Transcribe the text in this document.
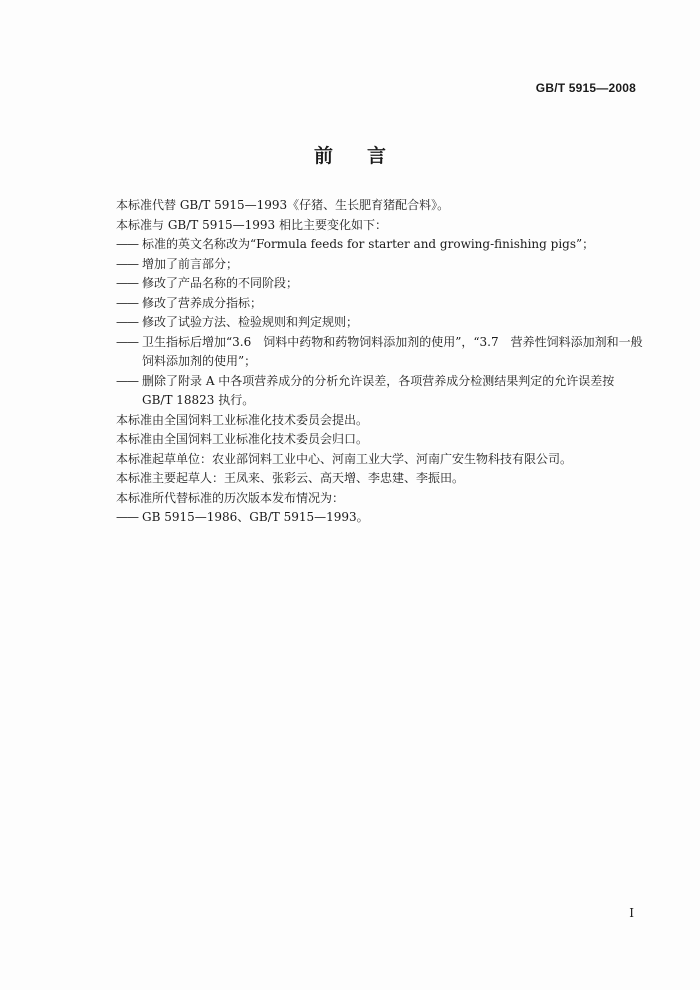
GB/T 5915—2008
前言

本标准代替 GB/T 5915—1993《仔猪、生长肥育猪配合料》。

本标准与 GB/T 5915—1993 相比主要变化如下：

—— 标准的英文名称改为“Formula feeds for starter and growing-finishing pigs”；
—— 增加了前言部分；
—— 修改了产品名称的不同阶段；
—— 修改了营养成分指标；
—— 修改了试验方法、检验规则和判定规则；
—— 卫生指标后增加“3.6　饲料中药物和药物饲料添加剂的使用”，“3.7　营养性饲料添加剂和一般饲料添加剂的使用”；
—— 删除了附录 A 中各项营养成分的分析允许误差，各项营养成分检测结果判定的允许误差按 GB/T 18823 执行。

本标准由全国饲料工业标准化技术委员会提出。

本标准由全国饲料工业标准化技术委员会归口。

本标准起草单位：农业部饲料工业中心、河南工业大学、河南广安生物科技有限公司。

本标准主要起草人：王凤来、张彩云、高天增、李忠建、李振田。

本标准所代替标准的历次版本发布情况为：

—— GB 5915—1986、GB/T 5915—1993。
I
